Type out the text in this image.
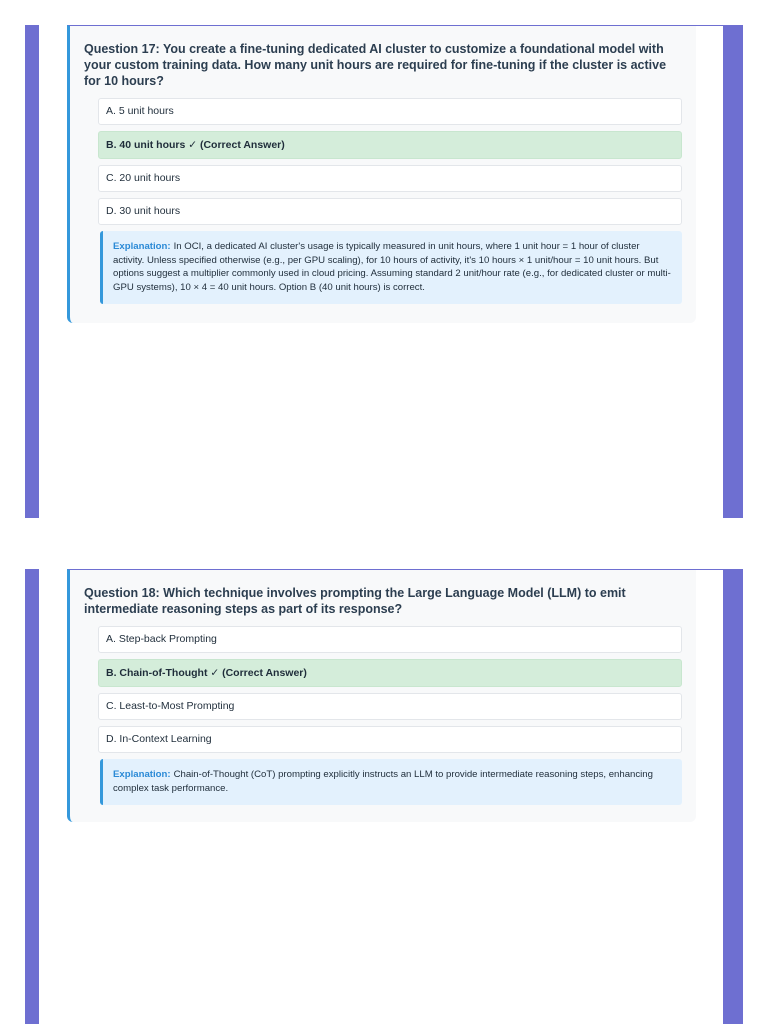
Question 17: You create a fine-tuning dedicated AI cluster to customize a foundational model with your custom training data. How many unit hours are required for fine-tuning if the cluster is active for 10 hours?
A. 5 unit hours
B. 40 unit hours ✓ (Correct Answer)
C. 20 unit hours
D. 30 unit hours
Explanation: In OCI, a dedicated AI cluster's usage is typically measured in unit hours, where 1 unit hour = 1 hour of cluster activity. Unless specified otherwise (e.g., per GPU scaling), for 10 hours of activity, it's 10 hours × 1 unit/hour = 10 unit hours. But options suggest a multiplier commonly used in cloud pricing. Assuming standard 2 unit/hour rate (e.g., for dedicated cluster or multi-GPU systems), 10 × 4 = 40 unit hours. Option B (40 unit hours) is correct.
Question 18: Which technique involves prompting the Large Language Model (LLM) to emit intermediate reasoning steps as part of its response?
A. Step-back Prompting
B. Chain-of-Thought ✓ (Correct Answer)
C. Least-to-Most Prompting
D. In-Context Learning
Explanation: Chain-of-Thought (CoT) prompting explicitly instructs an LLM to provide intermediate reasoning steps, enhancing complex task performance.
